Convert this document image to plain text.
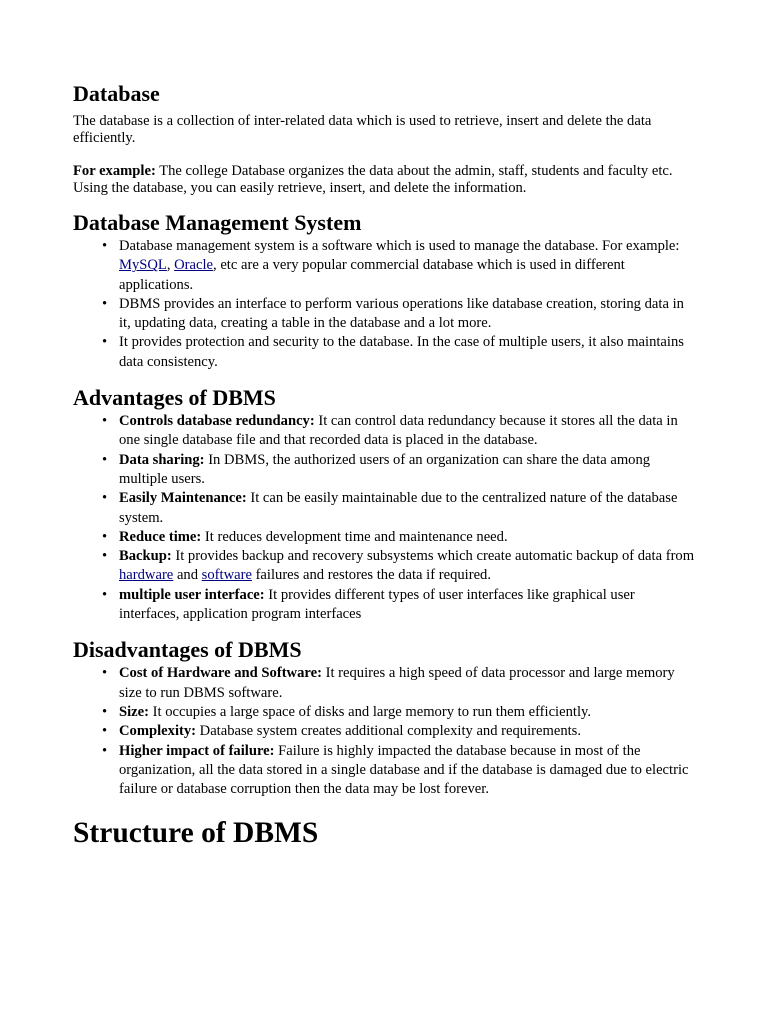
Database

The database is a collection of inter-related data which is used to retrieve, insert and delete the data efficiently.

For example: The college Database organizes the data about the admin, staff, students and faculty etc.

Using the database, you can easily retrieve, insert, and delete the information.

Database Management System
• Database management system is a software which is used to manage the database. For example: MySQL, Oracle, etc are a very popular commercial database which is used in different applications.
• DBMS provides an interface to perform various operations like database creation, storing data in it, updating data, creating a table in the database and a lot more.
• It provides protection and security to the database. In the case of multiple users, it also maintains data consistency.
Advantages of DBMS
• Controls database redundancy: It can control data redundancy because it stores all the data in one single database file and that recorded data is placed in the database.
• Data sharing: In DBMS, the authorized users of an organization can share the data among multiple users.
• Easily Maintenance: It can be easily maintainable due to the centralized nature of the database system.
• Reduce time: It reduces development time and maintenance need.
• Backup: It provides backup and recovery subsystems which create automatic backup of data from hardware and software failures and restores the data if required.
• multiple user interface: It provides different types of user interfaces like graphical user interfaces, application program interfaces
Disadvantages of DBMS
• Cost of Hardware and Software: It requires a high speed of data processor and large memory size to run DBMS software.
• Size: It occupies a large space of disks and large memory to run them efficiently.
• Complexity: Database system creates additional complexity and requirements.
• Higher impact of failure: Failure is highly impacted the database because in most of the organization, all the data stored in a single database and if the database is damaged due to electric failure or database corruption then the data may be lost forever.
Structure of DBMS
